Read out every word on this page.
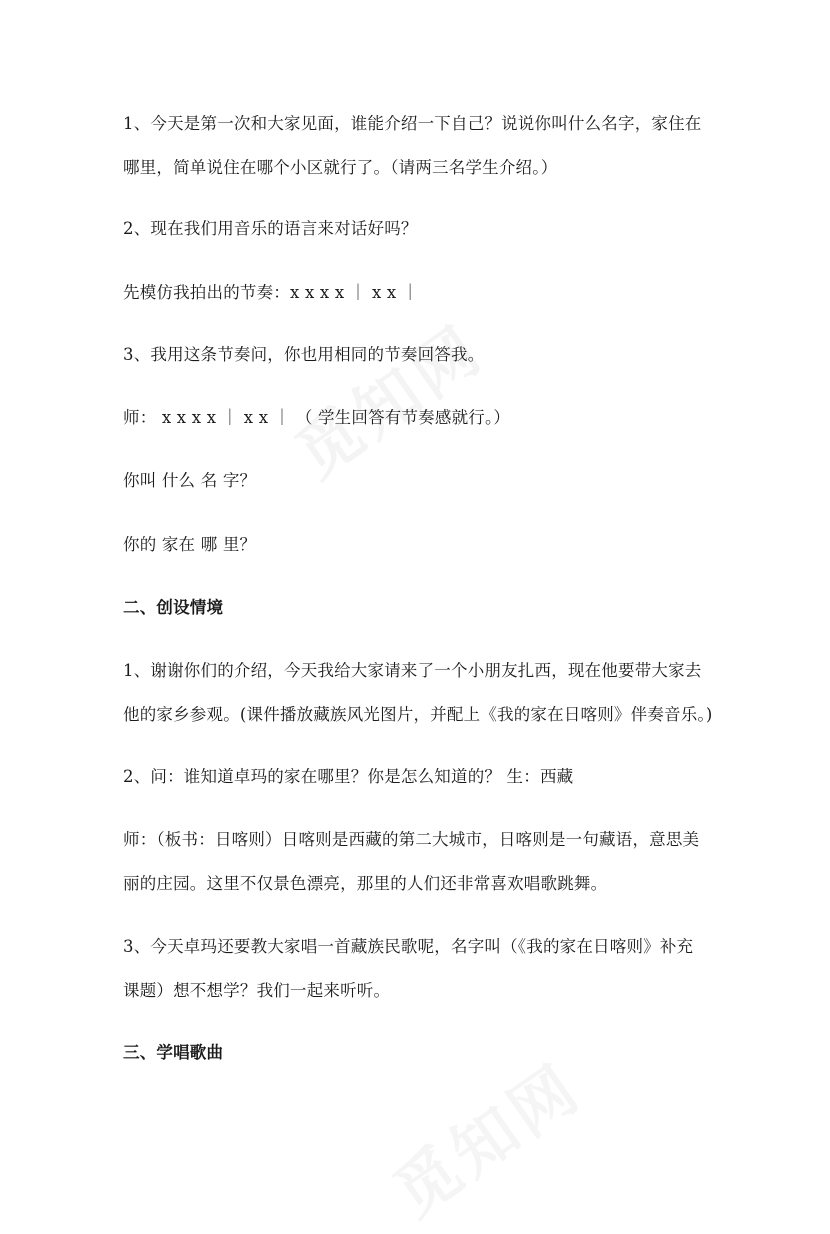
1、今天是第一次和大家见面，谁能介绍一下自己？说说你叫什么名字，家住在
哪里，简单说住在哪个小区就行了。（请两三名学生介绍。）
2、现在我们用音乐的语言来对话好吗？
先模仿我拍出的节奏：x x x x ｜ x x ｜
3、我用这条节奏问，你也用相同的节奏回答我。
师： x x x x ｜ x x ｜ （ 学生回答有节奏感就行。）
你叫 什么 名 字？
你的 家在 哪 里？
二、创设情境
1、谢谢你们的介绍，今天我给大家请来了一个小朋友扎西，现在他要带大家去
他的家乡参观。(课件播放藏族风光图片，并配上《我的家在日喀则》伴奏音乐。)
2、问：谁知道卓玛的家在哪里？你是怎么知道的？ 生：西藏
师：（板书：日喀则）日喀则是西藏的第二大城市，日喀则是一句藏语，意思美
丽的庄园。这里不仅景色漂亮，那里的人们还非常喜欢唱歌跳舞。
3、今天卓玛还要教大家唱一首藏族民歌呢，名字叫（《我的家在日喀则》补充
课题）想不想学？我们一起来听听。
三、学唱歌曲
